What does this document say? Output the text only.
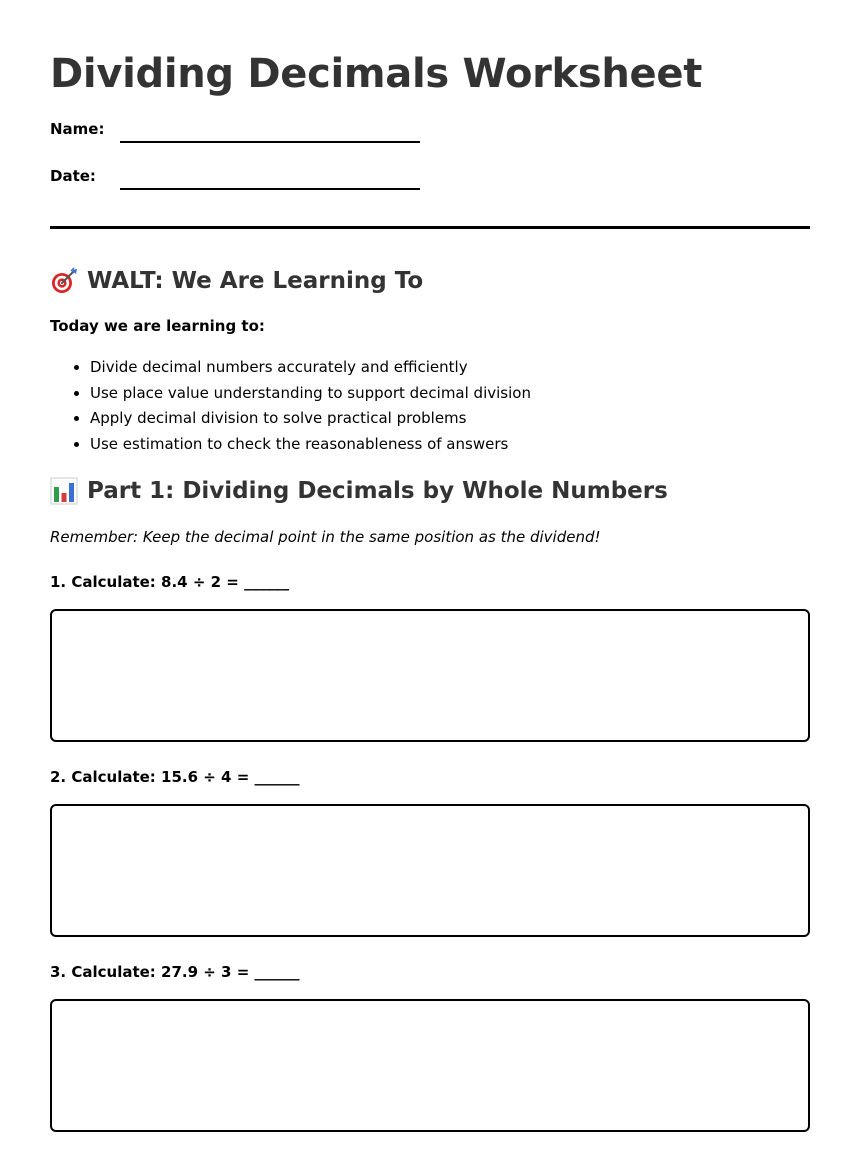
Dividing Decimals Worksheet
Name:
Date:
WALT: We Are Learning To
Today we are learning to:
• Divide decimal numbers accurately and efficiently
• Use place value understanding to support decimal division
• Apply decimal division to solve practical problems
• Use estimation to check the reasonableness of answers
Part 1: Dividing Decimals by Whole Numbers
Remember: Keep the decimal point in the same position as the dividend!
1. Calculate: 8.4 ÷ 2 = ______
2. Calculate: 15.6 ÷ 4 = ______
3. Calculate: 27.9 ÷ 3 = ______
